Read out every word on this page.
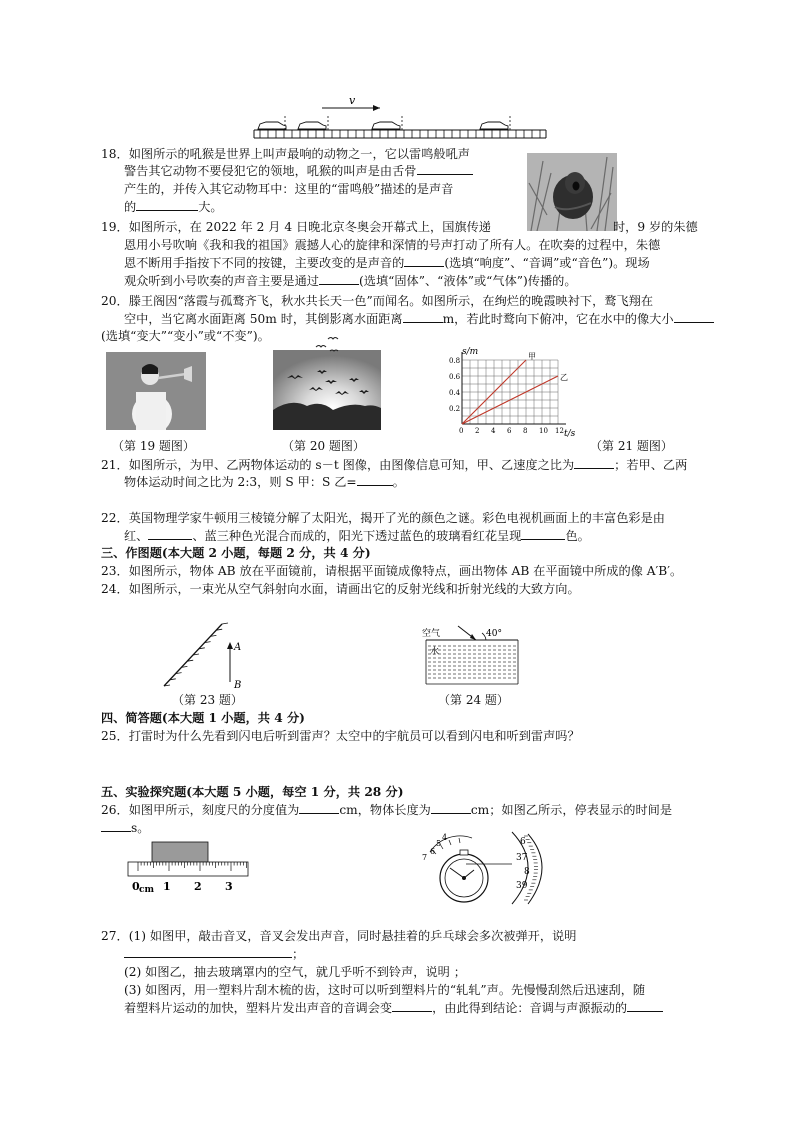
v
18．如图所示的吼猴是世界上叫声最响的动物之一，它以雷鸣般吼声
警告其它动物不要侵犯它的领地，吼猴的叫声是由舌骨
产生的，并传入其它动物耳中：这里的“雷鸣般”描述的是声音
的	大。
19．如图所示，在 2022 年 2 月 4 日晚北京冬奥会开幕式上，国旗传递	时，9 岁的朱德
恩用小号吹响《我和我的祖国》震撼人心的旋律和深情的号声打动了所有人。在吹奏的过程中，朱德
恩不断用手指按下不同的按键，主要改变的是声音的	(选填“响度”、“音调”或“音色”)。现场
观众听到小号吹奏的声音主要是通过	(选填“固体”、“液体”或“气体”)传播的。
20．滕王阁因“落霞与孤鹜齐飞，秋水共长天一色”而闻名。如图所示，在绚烂的晚霞映衬下，鹜飞翔在
空中，当它离水面距离 50m 时，其倒影离水面距离	m，若此时鹜向下俯冲，它在水中的像大小
(选填“变大”“变小”或“不变”)。
（第 19 题图）	（第 20 题图）
s/m
t/s
0 2 4 6 8 10 12
0.2
0.4
0.6
0.8	甲
乙
（第 21 题图）
21．如图所示，为甲、乙两物体运动的 s－t 图像，由图像信息可知，甲、乙速度之比为	；若甲、乙两
物体运动时间之比为 2:3，则 S 甲：S 乙=	。
22．英国物理学家牛顿用三棱镜分解了太阳光，揭开了光的颜色之谜。彩色电视机画面上的丰富色彩是由
红、	、蓝三种色光混合而成的，阳光下透过蓝色的玻璃看红花呈现	色。
三、作图题(本大题 2 小题，每题 2 分，共 4 分)
23．如图所示，物体 AB 放在平面镜前，请根据平面镜成像特点，画出物体 AB 在平面镜中所成的像 A′B′。
24．如图所示，一束光从空气斜射向水面，请画出它的反射光线和折射光线的大致方向。
A
B
（第 23 题）
空气
水
40°
（第 24 题）
四、简答题(本大题 1 小题，共 4 分)
25．打雷时为什么先看到闪电后听到雷声？太空中的宇航员可以看到闪电和听到雷声吗？
五、实验探究题(本大题 5 小题，每空 1 分，共 28 分)
26．如图甲所示，刻度尺的分度值为	cm，物体长度为	cm；如图乙所示，停表显示的时间是
s。
0 cm 1 2 3
7
6
5
4	6
37
8
39
27．(1) 如图甲，敲击音叉，音叉会发出声音，同时悬挂着的乒乓球会多次被弹开，说明
；
(2) 如图乙，抽去玻璃罩内的空气，就几乎听不到铃声，说明 ；
(3) 如图丙，用一塑料片刮木梳的齿，这时可以听到塑料片的“轧轧”声。先慢慢刮然后迅速刮，随
着塑料片运动的加快，塑料片发出声音的音调会变	，由此得到结论：音调与声源振动的
